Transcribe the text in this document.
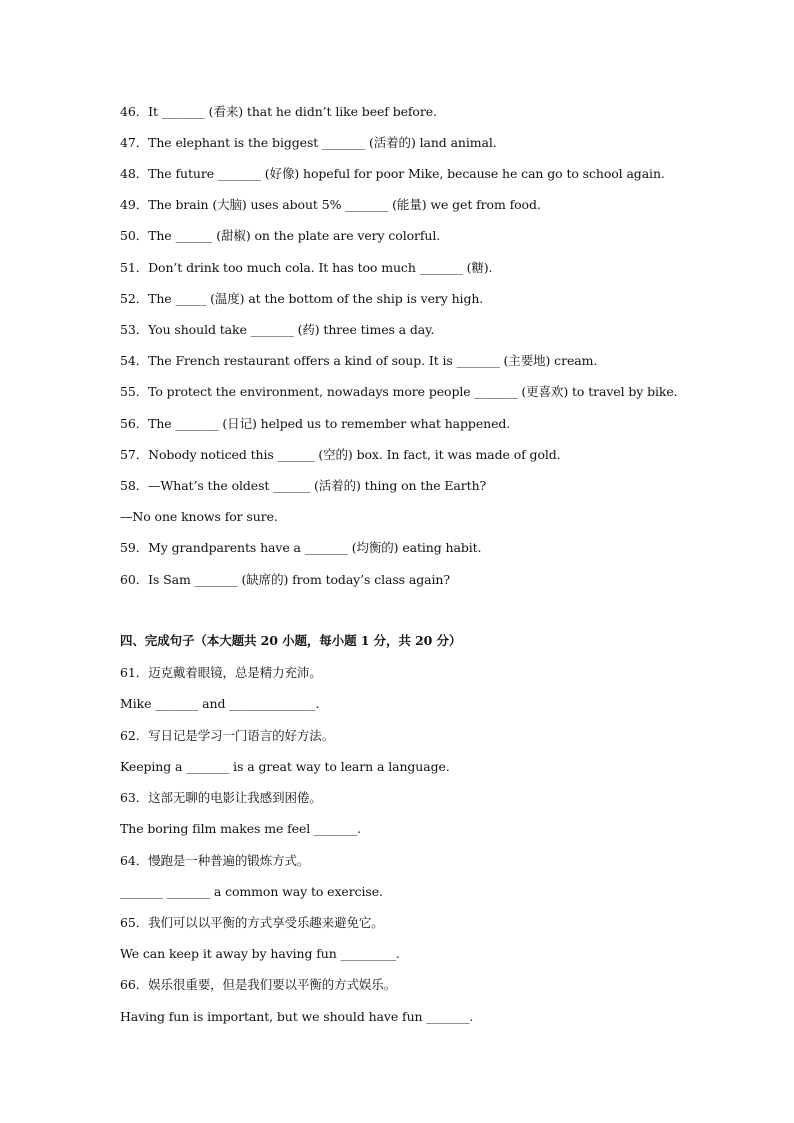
46．It _______ (看来) that he didn’t like beef before.
47．The elephant is the biggest _______ (活着的) land animal.
48．The future _______ (好像) hopeful for poor Mike, because he can go to school again.
49．The brain (大脑) uses about 5% _______ (能量) we get from food.
50．The ______ (甜椒) on the plate are very colorful.
51．Don’t drink too much cola. It has too much _______ (糖).
52．The _____ (温度) at the bottom of the ship is very high.
53．You should take _______ (药) three times a day.
54．The French restaurant offers a kind of soup. It is _______ (主要地) cream.
55．To protect the environment, nowadays more people _______ (更喜欢) to travel by bike.
56．The _______ (日记) helped us to remember what happened.
57．Nobody noticed this ______ (空的) box. In fact, it was made of gold.
58．—What’s the oldest ______ (活着的) thing on the Earth?
—No one knows for sure.
59．My grandparents have a _______ (均衡的) eating habit.
60．Is Sam _______ (缺席的) from today’s class again?
四、完成句子（本大题共 20 小题，每小题 1 分，共 20 分）
61．迈克戴着眼镜，总是精力充沛。
Mike _______ and ______________.
62．写日记是学习一门语言的好方法。
Keeping a _______ is a great way to learn a language.
63．这部无聊的电影让我感到困倦。
The boring film makes me feel _______.
64．慢跑是一种普遍的锻炼方式。
_______ _______ a common way to exercise.
65．我们可以以平衡的方式享受乐趣来避免它。
We can keep it away by having fun _________.
66．娱乐很重要，但是我们要以平衡的方式娱乐。
Having fun is important, but we should have fun _______.
